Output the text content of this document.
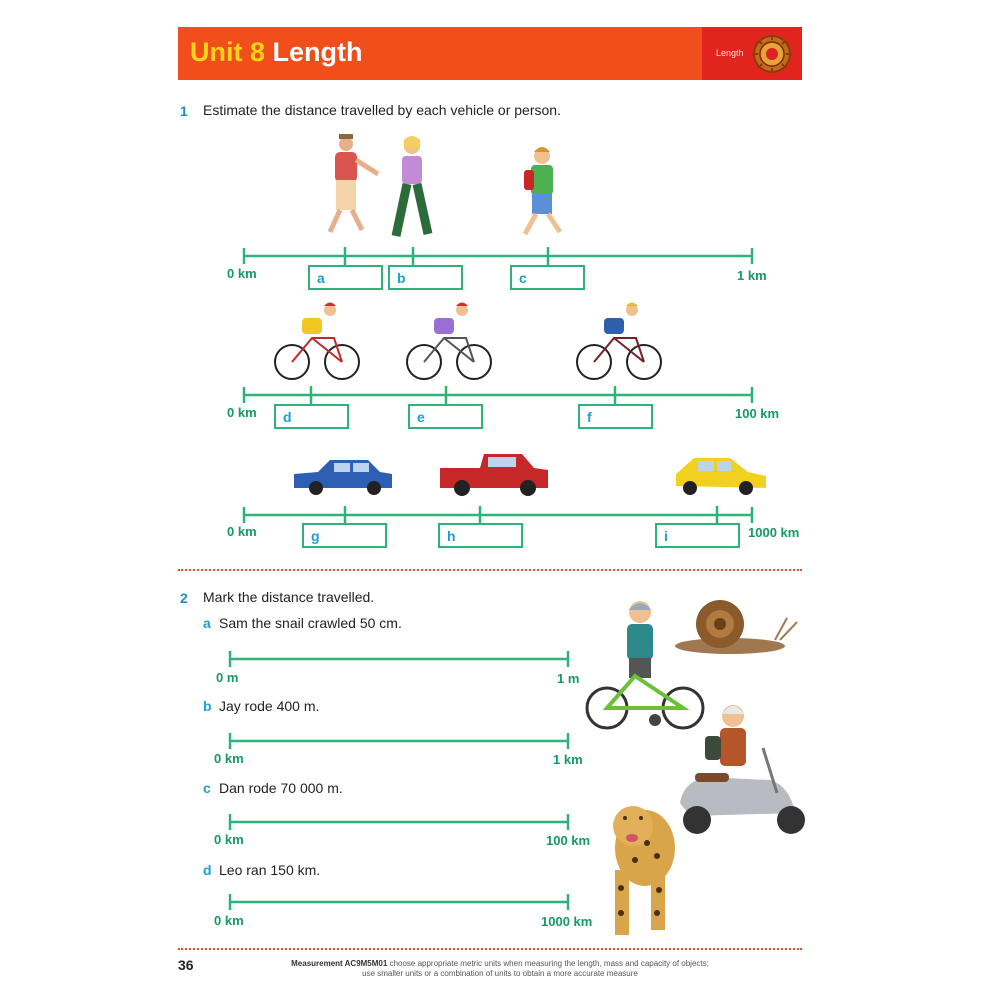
Unit 8 Length	Length
1 Estimate the distance travelled by each vehicle or person.
0 km	1 km
0 km	100 km
0 km	1000 km
a	b	c
d	e	f
g	h	i
2 Mark the distance travelled.
a Sam the snail crawled 50 cm.
b Jay rode 400 m.
c Dan rode 70 000 m.
d Leo ran 150 km.
0 m	1 m
0 km	1 km
0 km	100 km
0 km	1000 km
36	Measurement AC9M5M01 choose appropriate metric units when measuring the length, mass and capacity of objects;
use smaller units or a combination of units to obtain a more accurate measure
